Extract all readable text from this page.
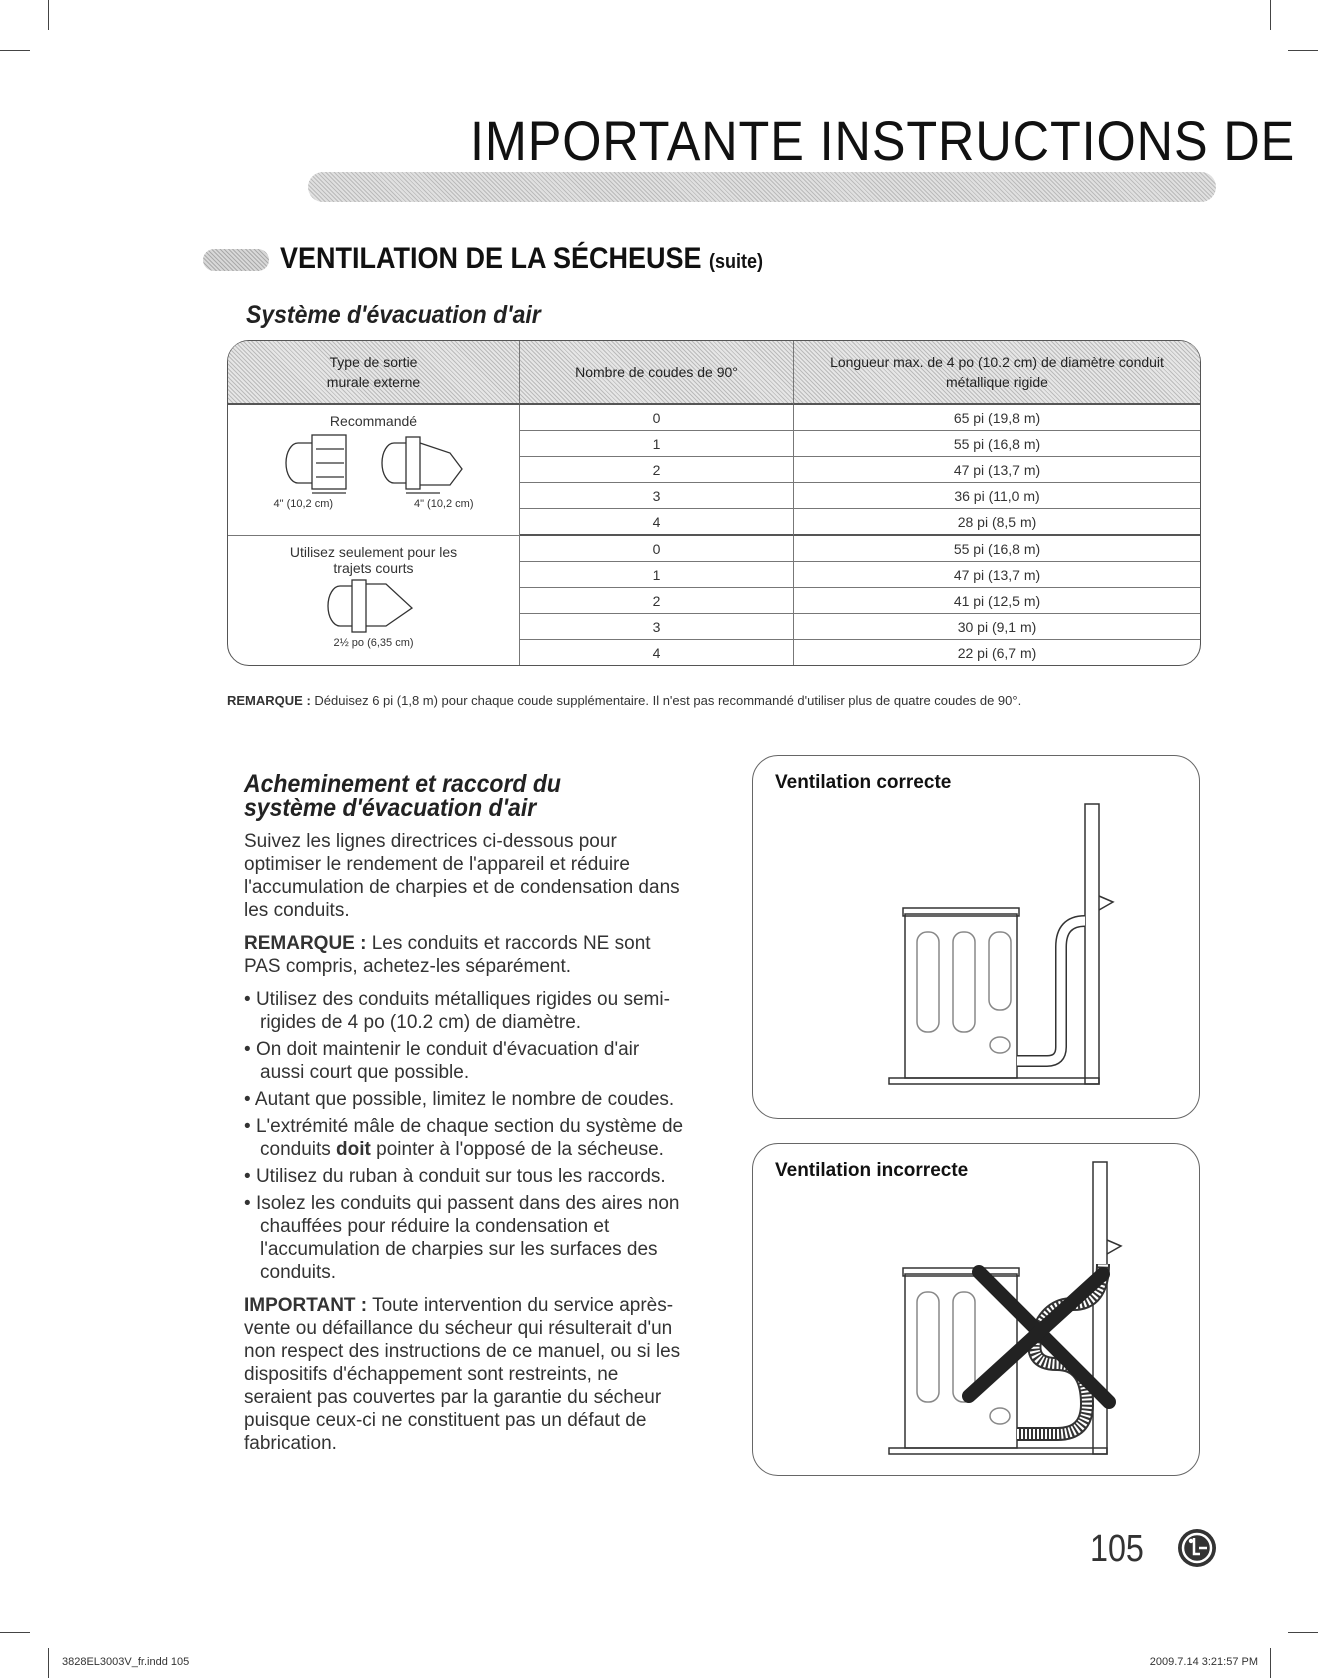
IMPORTANTE INSTRUCTIONS DE
VENTILATION DE LA SÉCHEUSE (suite)
Système d'évacuation d'air
Type de sortie murale externe	Nombre de coudes de 90°	Longueur max. de 4 po (10.2 cm) de diamètre conduit métallique rigide

Recommandé
4" (10,2 cm) 4" (10,2 cm)	0	65 pi (19,8 m)
	1	55 pi (16,8 m)
	2	47 pi (13,7 m)
	3	36 pi (11,0 m)
	4	28 pi (8,5 m)

Utilisez seulement pour les trajets courts
2½ po (6,35 cm)	0	55 pi (16,8 m)
	1	47 pi (13,7 m)
	2	41 pi (12,5 m)
	3	30 pi (9,1 m)
	4	22 pi (6,7 m)
REMARQUE : Déduisez 6 pi (1,8 m) pour chaque coude supplémentaire. Il n'est pas recommandé d'utiliser plus de quatre coudes de 90°.
Acheminement et raccord du système d'évacuation d'air

Suivez les lignes directrices ci-dessous pour optimiser le rendement de l'appareil et réduire l'accumulation de charpies et de condensation dans les conduits.

REMARQUE : Les conduits et raccords NE sont PAS compris, achetez-les séparément.

• Utilisez des conduits métalliques rigides ou semi-rigides de 4 po (10.2 cm) de diamètre.
• On doit maintenir le conduit d'évacuation d'air aussi court que possible.
• Autant que possible, limitez le nombre de coudes.
• L'extrémité mâle de chaque section du système de conduits doit pointer à l'opposé de la sécheuse.
• Utilisez du ruban à conduit sur tous les raccords.
• Isolez les conduits qui passent dans des aires non chauffées pour réduire la condensation et l'accumulation de charpies sur les surfaces des conduits.

IMPORTANT : Toute intervention du service après-vente ou défaillance du sécheur qui résulterait d'un non respect des instructions de ce manuel, ou si les dispositifs d'échappement sont restreints, ne seraient pas couvertes par la garantie du sécheur puisque ceux-ci ne constituent pas un défaut de fabrication.

Ventilation correcte
Ventilation incorrecte
105
3828EL3003V_fr.indd 105	2009.7.14 3:21:57 PM
